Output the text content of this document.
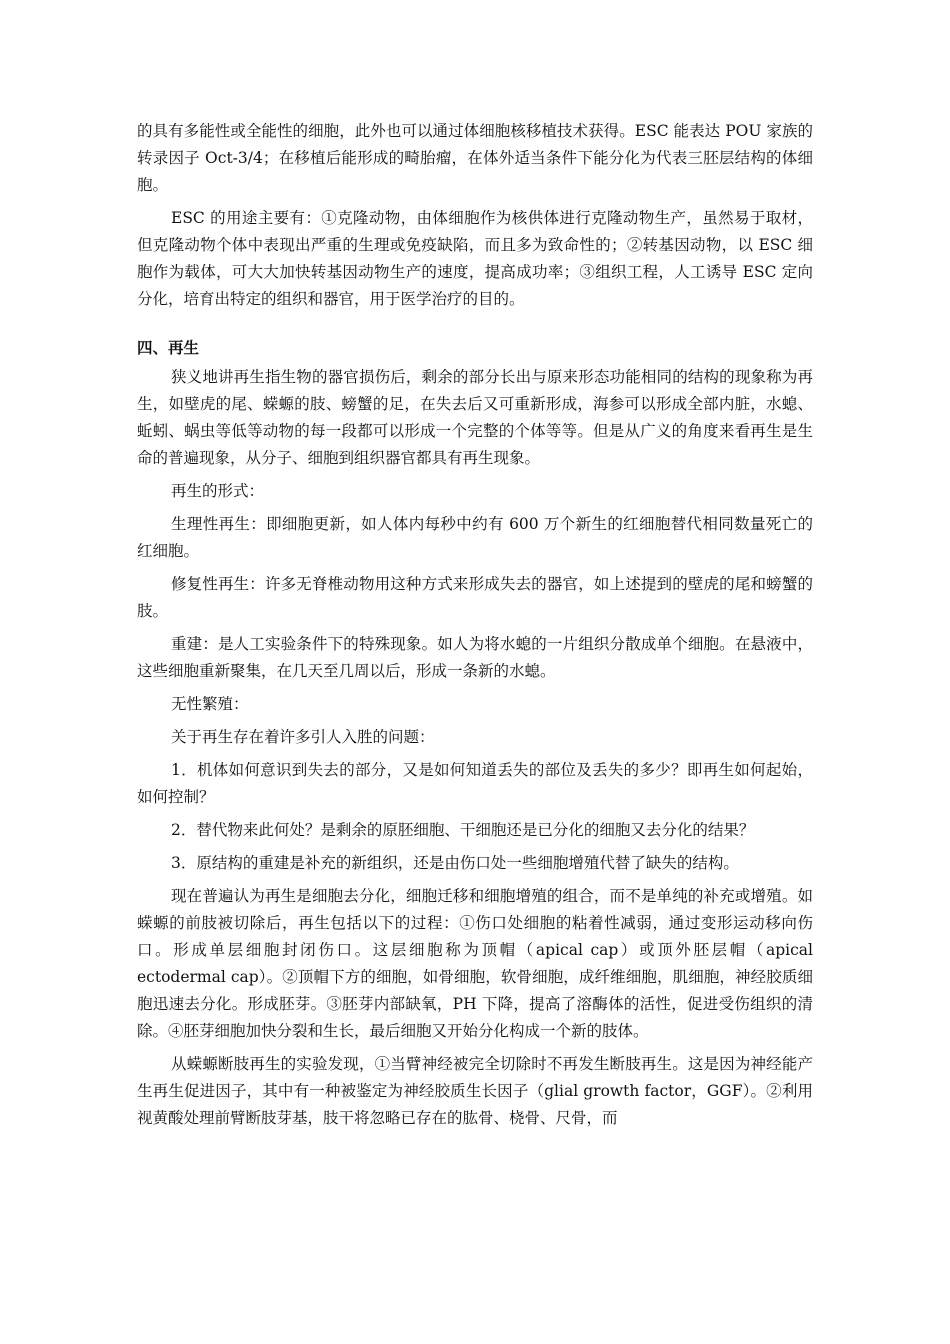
的具有多能性或全能性的细胞，此外也可以通过体细胞核移植技术获得。ESC 能表达 POU 家族的转录因子 Oct-3/4；在移植后能形成的畸胎瘤，在体外适当条件下能分化为代表三胚层结构的体细胞。

ESC 的用途主要有：①克隆动物，由体细胞作为核供体进行克隆动物生产，虽然易于取材，但克隆动物个体中表现出严重的生理或免疫缺陷，而且多为致命性的；②转基因动物，以 ESC 细胞作为载体，可大大加快转基因动物生产的速度，提高成功率；③组织工程，人工诱导 ESC 定向分化，培育出特定的组织和器官，用于医学治疗的目的。

四、再生

狭义地讲再生指生物的器官损伤后，剩余的部分长出与原来形态功能相同的结构的现象称为再生，如壁虎的尾、蝾螈的肢、螃蟹的足，在失去后又可重新形成，海参可以形成全部内脏，水螅、蚯蚓、蜗虫等低等动物的每一段都可以形成一个完整的个体等等。但是从广义的角度来看再生是生命的普遍现象，从分子、细胞到组织器官都具有再生现象。

再生的形式：

生理性再生：即细胞更新，如人体内每秒中约有 600 万个新生的红细胞替代相同数量死亡的红细胞。

修复性再生：许多无脊椎动物用这种方式来形成失去的器官，如上述提到的壁虎的尾和螃蟹的肢。

重建：是人工实验条件下的特殊现象。如人为将水螅的一片组织分散成单个细胞。在悬液中，这些细胞重新聚集，在几天至几周以后，形成一条新的水螅。

无性繁殖：

关于再生存在着许多引人入胜的问题：

1．机体如何意识到失去的部分，又是如何知道丢失的部位及丢失的多少？即再生如何起始，如何控制？

2．替代物来此何处？是剩余的原胚细胞、干细胞还是已分化的细胞又去分化的结果？

3．原结构的重建是补充的新组织，还是由伤口处一些细胞增殖代替了缺失的结构。

现在普遍认为再生是细胞去分化，细胞迁移和细胞增殖的组合，而不是单纯的补充或增殖。如蝾螈的前肢被切除后，再生包括以下的过程：①伤口处细胞的粘着性减弱，通过变形运动移向伤口。形成单层细胞封闭伤口。这层细胞称为顶帽（apical cap）或顶外胚层帽（apical ectodermal cap）。②顶帽下方的细胞，如骨细胞，软骨细胞，成纤维细胞，肌细胞，神经胶质细胞迅速去分化。形成胚芽。③胚芽内部缺氧，PH 下降，提高了溶酶体的活性，促进受伤组织的清除。④胚芽细胞加快分裂和生长，最后细胞又开始分化构成一个新的肢体。

从蝾螈断肢再生的实验发现，①当臂神经被完全切除时不再发生断肢再生。这是因为神经能产生再生促进因子，其中有一种被鉴定为神经胶质生长因子（glial growth factor，GGF）。②利用视黄酸处理前臂断肢芽基，肢干将忽略已存在的肱骨、桡骨、尺骨，而
